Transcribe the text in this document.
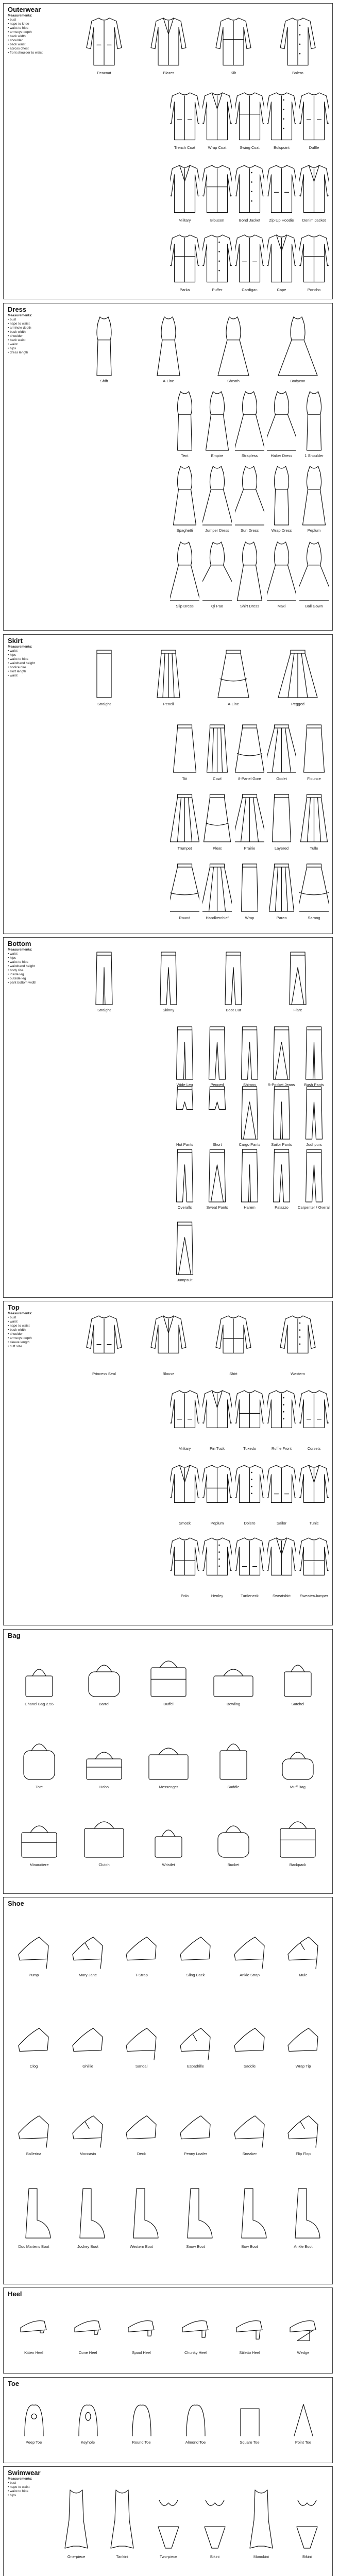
Outerwear
Measurements:
• bust
• nape to knee
• waist to hips
• armscye depth
• back width
• shoulder
• back waist
• across chest
• front shoulder to waist
Peacoat	Blazer	Kilt	Bolero
Trench Coat	Wrap Coat	Swing Coat	Bolspoint	Duffle
Military	Blouson	Bond Jacket	Zip Up Hoodie	Denim Jacket
Parka	Puffer	Cardigan	Cape	Poncho
Dress
Measurements:
• bust
• nape to waist
• armhole depth
• back width
• shoulder
• back waist
• waist
• hips
• dress length
Shift	A-Line	Sheath	Bodycon
Tent	Empire	Strapless	Halter Dress	1 Shoulder
Spaghetti	Jumper Dress	Sun Dress	Wrap Dress	Peplum
Slip Dress	Qi Pao	Shirt Dress	Maxi	Ball Gown
Skirt
Measurements:
• waist
• hips
• waist to hips
• waistband height
• bodice rise
• skirt length
• waist
Straight	Pencil	A-Line	Pegged
Tiit	Cowl	8-Panel Gore	Godet	Flounce
Trumpet	Pleat	Prairie	Layered	Tulle
Round	Handkerchief	Wrap	Pareo	Sarong
Bottom
Measurements:
• waist
• hips
• waist to hips
• waistband height
• body rise
• inside leg
• outside leg
• pant bottom width
Straight	Skinny	Boot Cut	Flare
Wide Leg	Pegged	Shimny	5-Pocket Jeans	Bush Pants
Hot Pants	Short	Cargo Pants	Sailor Pants	Jodhpurs
Overalls	Sweat Pants	Harem	Palazzo	Carpenter / Overall
Jumpsuit
Top
Measurements:
• bust
• waist
• nape to waist
• back width
• shoulder
• armscye depth
• sleeve length
• cuff size
Princess Seal	Blouse	Shirt	Western
Military	Pin Tuck	Tuxedo	Ruffle Front	Corsets
Smock	Peplum	Dolero	Sailor	Tunic
Polo	Henley	Turtleneck	Sweatshirt	Sweater/Jumper
Bag
Chanel Bag 2.55	Barrel	Duffel	Bowling	Satchel
Tote	Hobo	Messenger	Saddle	Muff Bag
Minaudiere	Clutch	Wristlet	Bucket	Backpack
Shoe
Pump	Mary Jane	T-Strap	Sling Back	Ankle Strap	Mule
Clog	Ghillie	Sandal	Espadrille	Saddle	Wrap Tip
Ballerina	Moccasin	Deck	Penny Loafer	Sneaker	Flip Flop
Doc Martens Boot	Jockey Boot	Western Boot	Snow Boot	Bow Boot	Ankle Boot
Heel
Kitten Heel	Cone Heel	Spool Heel	Chunky Heel	Stiletto Heel	Wedge
Toe
Peep Toe	Keyhole	Round Toe	Almond Toe	Square Toe	Point Toe
Swimwear
Measurements:
• bust
• nape to waist
• waist to hips
• hips
One-piece	Tankini	Two-piece	Bikini	Monokini	Bikini
